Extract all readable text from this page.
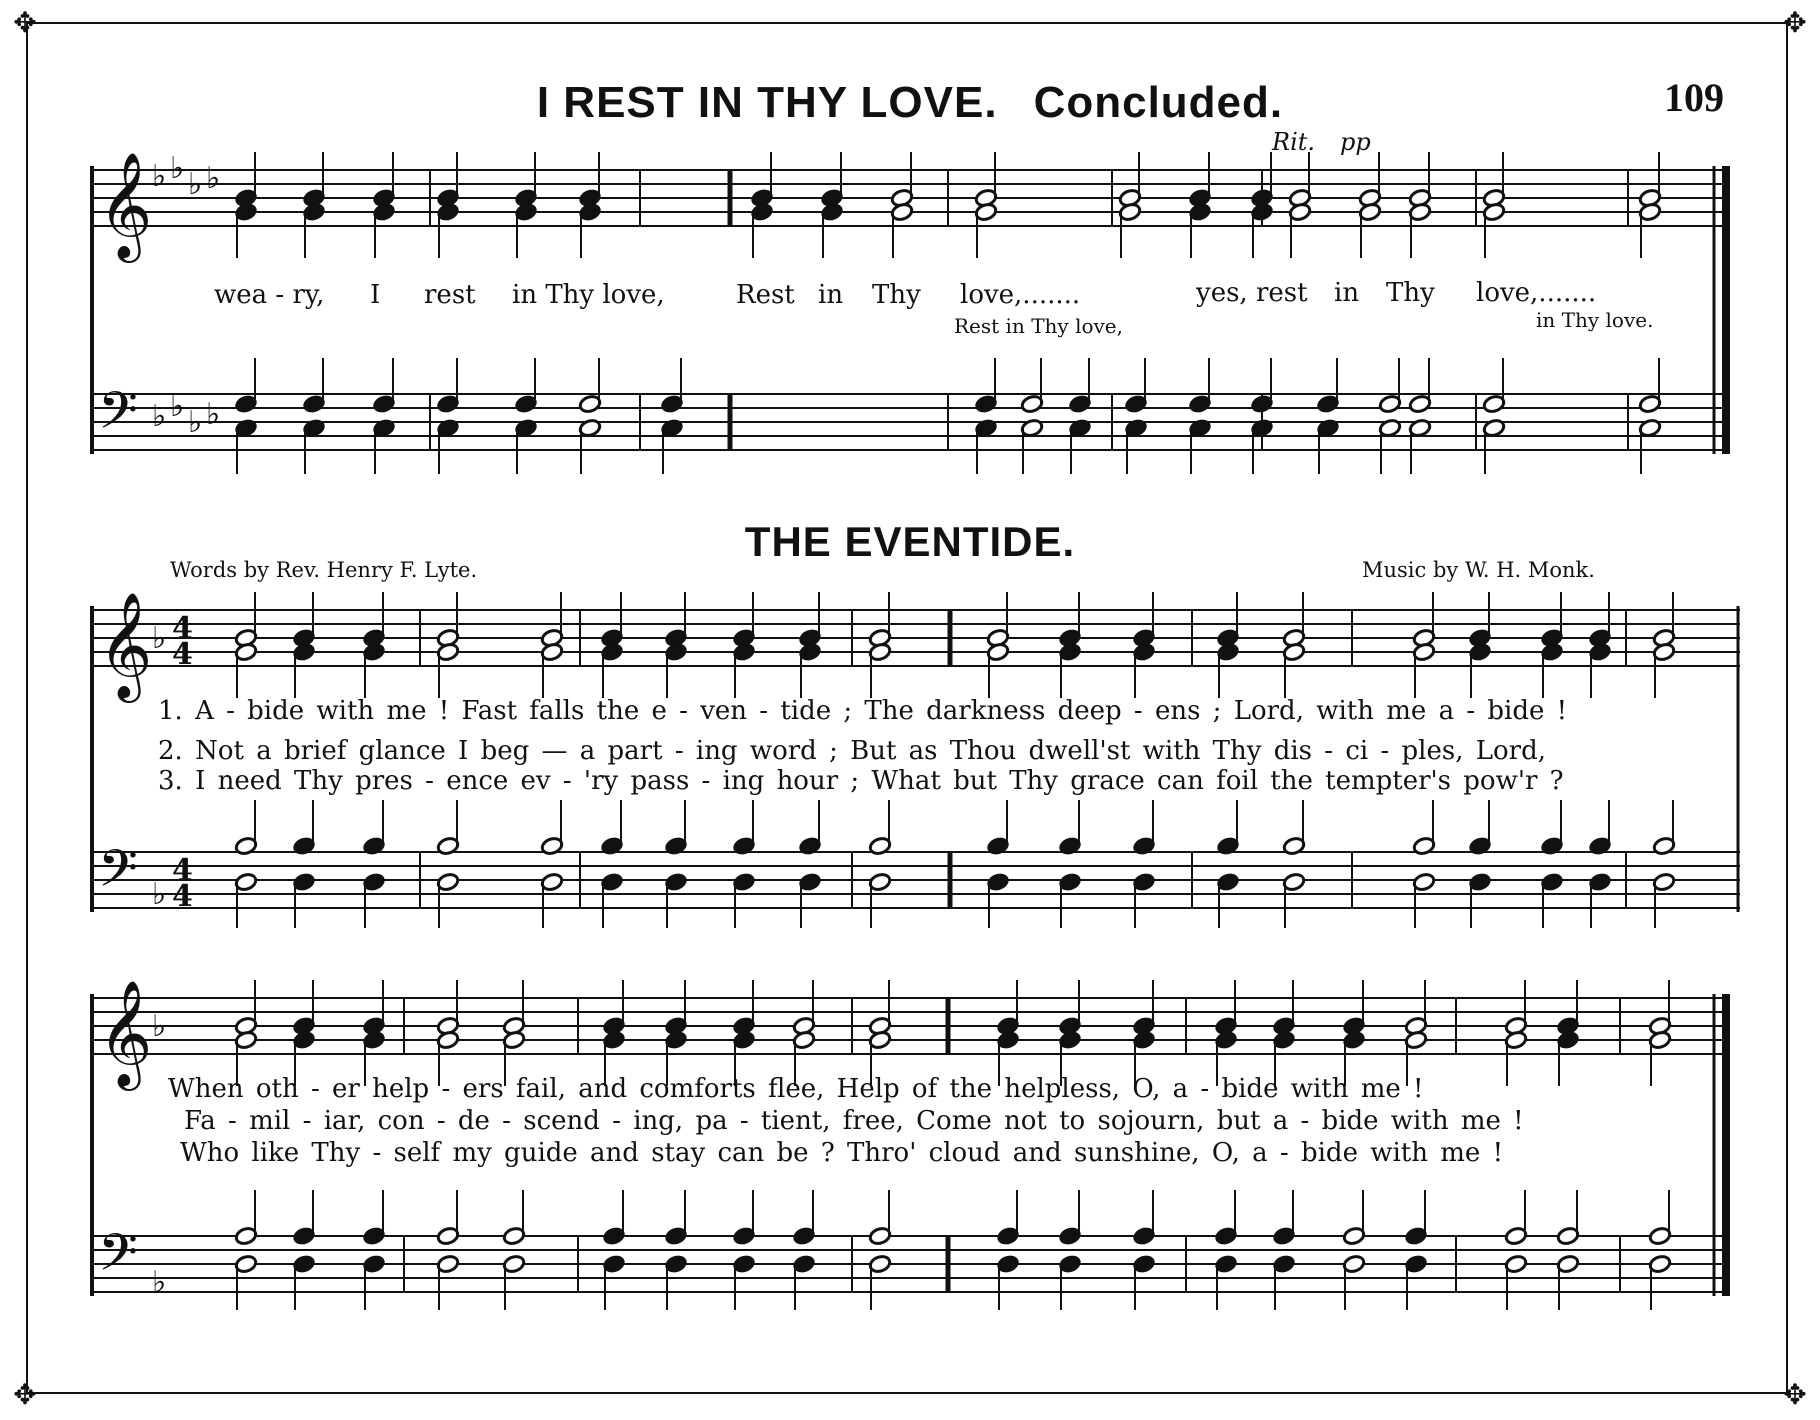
✥	✥
✥	✥
I REST IN THY LOVE. Concluded.	109
Rit. pp
𝄞 ♭ ♭ ♭ ♭
𝄢 ♭ ♭ ♭ ♭
𝄞 ♭ 4
4
𝄢 ♭
4
4
𝄞 ♭
𝄢 ♭
wea - ry, I rest in Thy love,	Rest in Thy love,.......	yes, rest in Thy love,.......
Rest in Thy love,	in Thy love.
THE EVENTIDE.
Words by Rev. Henry F. Lyte.	Music by W. H. Monk.
1. A - bide with me ! Fast falls the e - ven - tide ; The darkness deep - ens ; Lord, with me a - bide !
2. Not a brief glance I beg — a part - ing word ; But as Thou dwell'st with Thy dis - ci - ples, Lord,
3. I need Thy pres - ence ev - 'ry pass - ing hour ; What but Thy grace can foil the tempter's pow'r ?
When oth - er help - ers fail, and comforts flee, Help of the helpless, O, a - bide with me !
Fa - mil - iar, con - de - scend - ing, pa - tient, free, Come not to sojourn, but a - bide with me !
Who like Thy - self my guide and stay can be ? Thro' cloud and sunshine, O, a - bide with me !
